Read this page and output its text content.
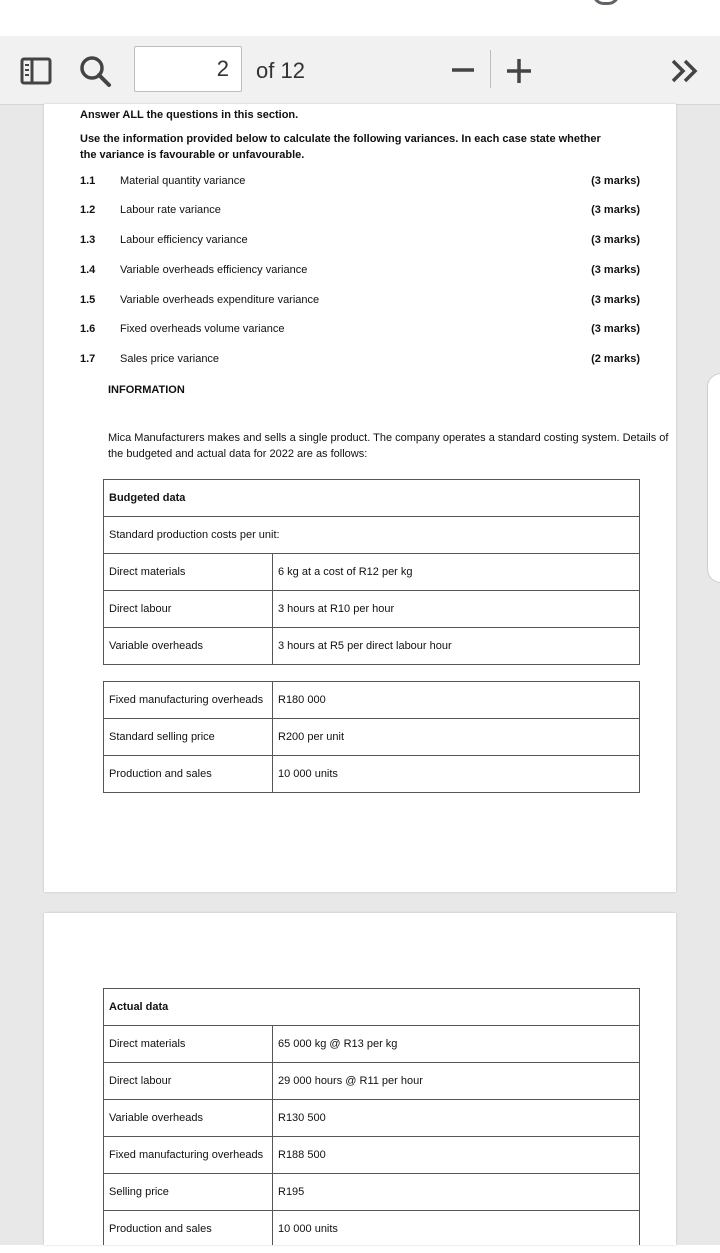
2
of 12
Answer ALL the questions in this section.
Use the information provided below to calculate the following variances. In each case state whether
the variance is favourable or unfavourable.
1.1 Material quantity variance	(3 marks)
1.2 Labour rate variance	(3 marks)
1.3 Labour efficiency variance	(3 marks)
1.4 Variable overheads efficiency variance	(3 marks)
1.5 Variable overheads expenditure variance	(3 marks)
1.6 Fixed overheads volume variance	(3 marks)
1.7 Sales price variance	(2 marks)
INFORMATION
Mica Manufacturers makes and sells a single product. The company operates a standard costing system. Details of
the budgeted and actual data for 2022 are as follows:
Budgeted data	
Standard production costs per unit:	
Direct materials	6 kg at a cost of R12 per kg
Direct labour	3 hours at R10 per hour
Variable overheads	3 hours at R5 per direct labour hour
Fixed manufacturing overheads	R180 000
Standard selling price	R200 per unit
Production and sales	10 000 units
Actual data	
Direct materials	65 000 kg @ R13 per kg
Direct labour	29 000 hours @ R11 per hour
Variable overheads	R130 500
Fixed manufacturing overheads	R188 500
Selling price	R195
Production and sales	10 000 units
